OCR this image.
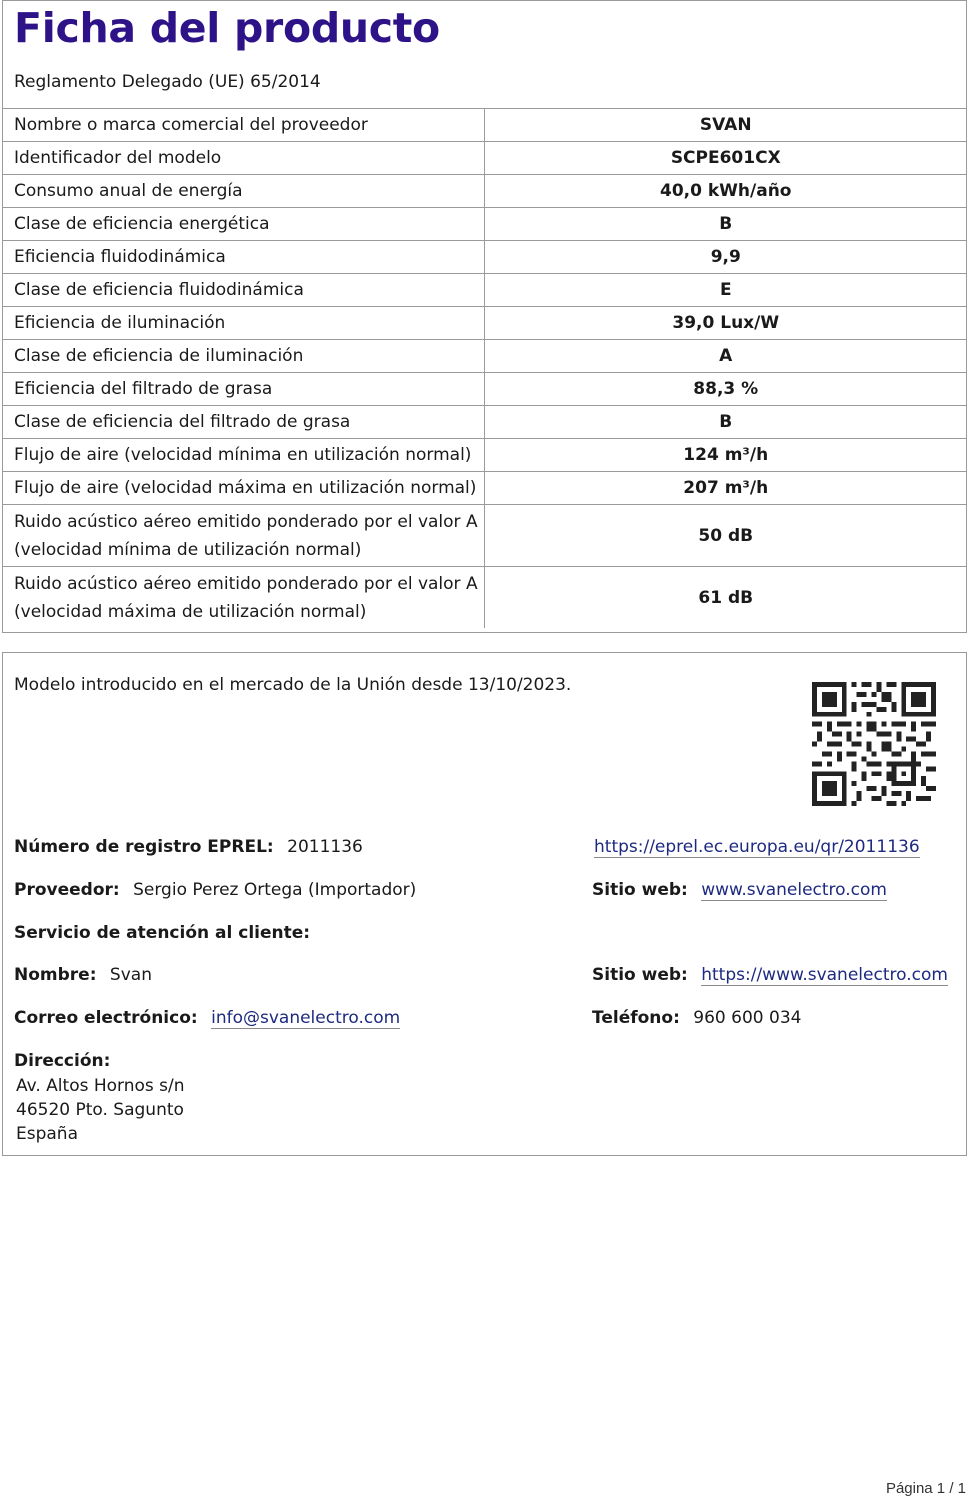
Ficha del producto
Reglamento Delegado (UE) 65/2014
Nombre o marca comercial del proveedor	SVAN
Identificador del modelo	SCPE601CX
Consumo anual de energía	40,0 kWh/año
Clase de eficiencia energética	B
Eficiencia fluidodinámica	9,9
Clase de eficiencia fluidodinámica	E
Eficiencia de iluminación	39,0 Lux/W
Clase de eficiencia de iluminación	A
Eficiencia del filtrado de grasa	88,3 %
Clase de eficiencia del filtrado de grasa	B
Flujo de aire (velocidad mínima en utilización normal)	124 m³/h
Flujo de aire (velocidad máxima en utilización normal)	207 m³/h
Ruido acústico aéreo emitido ponderado por el valor A
(velocidad mínima de utilización normal)	50 dB
Ruido acústico aéreo emitido ponderado por el valor A
(velocidad máxima de utilización normal)	61 dB
Modelo introducido en el mercado de la Unión desde 13/10/2023.
Número de registro EPREL: 2011136	https://eprel.ec.europa.eu/qr/2011136
Proveedor: Sergio Perez Ortega (Importador)	Sitio web: www.svanelectro.com
Servicio de atención al cliente:
Nombre: Svan	Sitio web: https://www.svanelectro.com
Correo electrónico: info@svanelectro.com	Teléfono: 960 600 034
Dirección:
Av. Altos Hornos s/n
46520 Pto. Sagunto
España
Página 1 / 1
